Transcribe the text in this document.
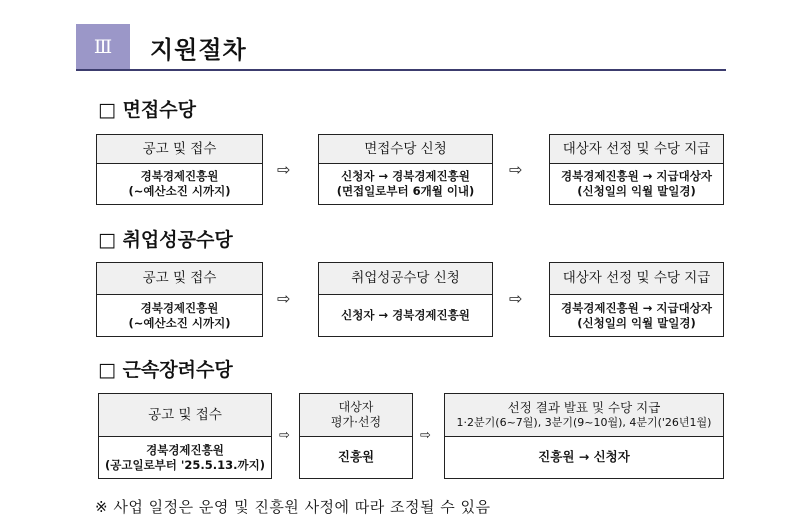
Ⅲ	지원절차
□ 면접수당
공고 및 접수
경북경제진흥원
(~예산소진 시까지)
⇨
면접수당 신청
신청자 → 경북경제진흥원
(면접일로부터 6개월 이내)
⇨
대상자 선정 및 수당 지급
경북경제진흥원 → 지급대상자
(신청일의 익월 말일경)
□ 취업성공수당
공고 및 접수
경북경제진흥원
(~예산소진 시까지)
⇨
취업성공수당 신청
신청자 → 경북경제진흥원
⇨
대상자 선정 및 수당 지급
경북경제진흥원 → 지급대상자
(신청일의 익월 말일경)
□ 근속장려수당
공고 및 접수
경북경제진흥원
(공고일로부터 '25.5.13.까지)
⇨
대상자
평가·선정
진흥원
⇨
선정 결과 발표 및 수당 지급
1·2분기(6~7월), 3분기(9~10월), 4분기('26년1월)
진흥원 → 신청자
※ 사업 일정은 운영 및 진흥원 사정에 따라 조정될 수 있음
